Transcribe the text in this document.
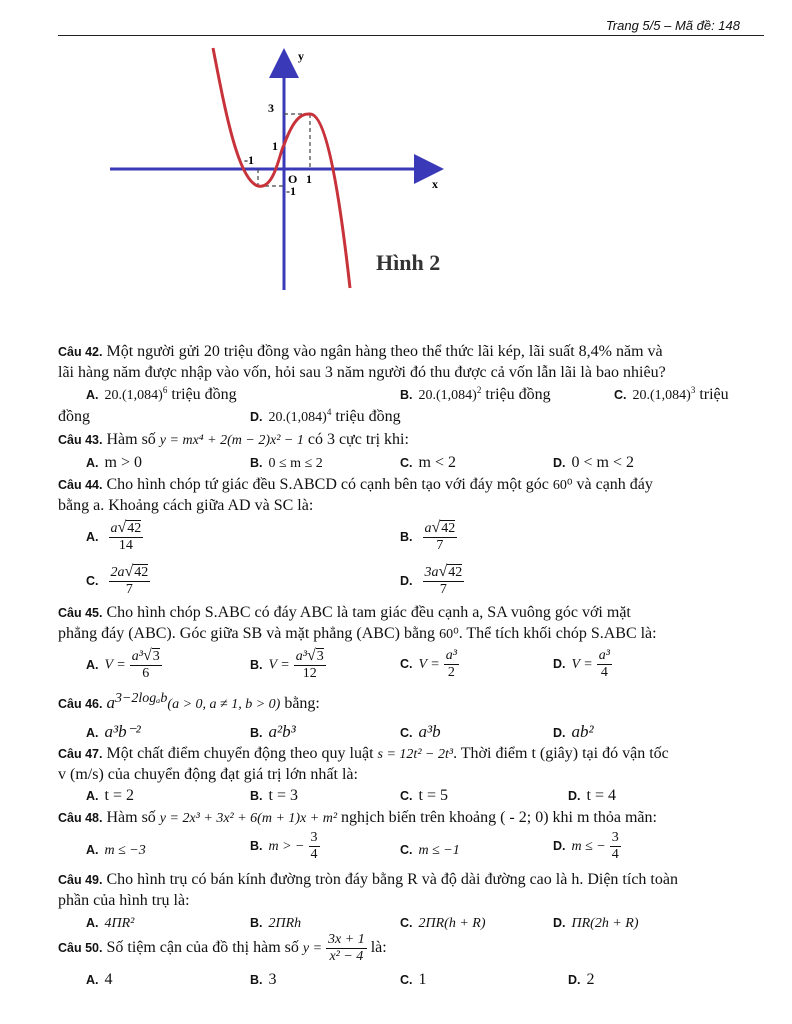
Trang 5/5 – Mã đề: 148
y
x
3
1
-1
O 1
-1
Hình 2
Câu 42. Một người gửi 20 triệu đồng vào ngân hàng theo thể thức lãi kép, lãi suất 8,4% năm và
lãi hàng năm được nhập vào vốn, hỏi sau 3 năm người đó thu được cả vốn lẫn lãi là bao nhiêu?
A. $20.(1,084)^6$ triệu đồng	B. $20.(1,084)^2$ triệu đồng	C. $20.(1,084)^3$ triệu
đồng	D. $20.(1,084)^4$ triệu đồng
Câu 43. Hàm số y = mx⁴ + 2(m − 2)x² − 1 có 3 cực trị khi:
A. m > 0	B. 0 ≤ m ≤ 2	C. m < 2	D. 0 < m < 2
Câu 44. Cho hình chóp tứ giác đều S.ABCD có cạnh bên tạo với đáy một góc 60⁰ và cạnh đáy
bằng a. Khoảng cách giữa AD và SC là:
A. $\frac{a√42}{14}$	B. $\frac{a√42}{7}$
C. $\frac{2a√42}{7}$	D. $\frac{3a√42}{7}$
Câu 45. Cho hình chóp S.ABC có đáy ABC là tam giác đều cạnh a, SA vuông góc với mặt
phẳng đáy (ABC). Góc giữa SB và mặt phẳng (ABC) bằng 60⁰. Thể tích khối chóp S.ABC là:
A. $V = \frac{\text{a³√3}}{6}$	B. $V = \frac{\text{a³√3}}{12}$	C. $V = \frac{\text{a³}}{2}$	D. $V = \frac{\text{a³}}{4}$
Câu 46. $a^{3-2log_ab}(a > 0$, a ≠ 1, b > 0) bằng:
A. a³b⁻²	B. a²b³	C. a³b	D. ab²
Câu 47. Một chất điểm chuyển động theo quy luật s = 12t² − 2t³. Thời điểm t (giây) tại đó vận tốc
v (m/s) của chuyển động đạt giá trị lớn nhất là:
A. t = 2	B. t = 3	C. t = 5	D. t = 4
Câu 48. Hàm số y = 2x³ + 3x² + 6(m + 1)x + m² nghịch biến trên khoảng ( - 2; 0) khi m thỏa mãn:
A. m ≤ −3	B. m > − $\frac{3}{4}$	C. m ≤ −1	D. m ≤ − $\frac{3}{4}$
Câu 49. Cho hình trụ có bán kính đường tròn đáy bằng R và độ dài đường cao là h. Diện tích toàn
phần của hình trụ là:
A. 4ΠR²	B. 2ΠRh	C. 2ΠR(h + R)	D. ΠR(2h + R)
Câu 50. Số tiệm cận của đồ thị hàm số $y = \frac{3x + 1}{\text{x² − 4}}$ là:
A. 4	B. 3	C. 1	D. 2
